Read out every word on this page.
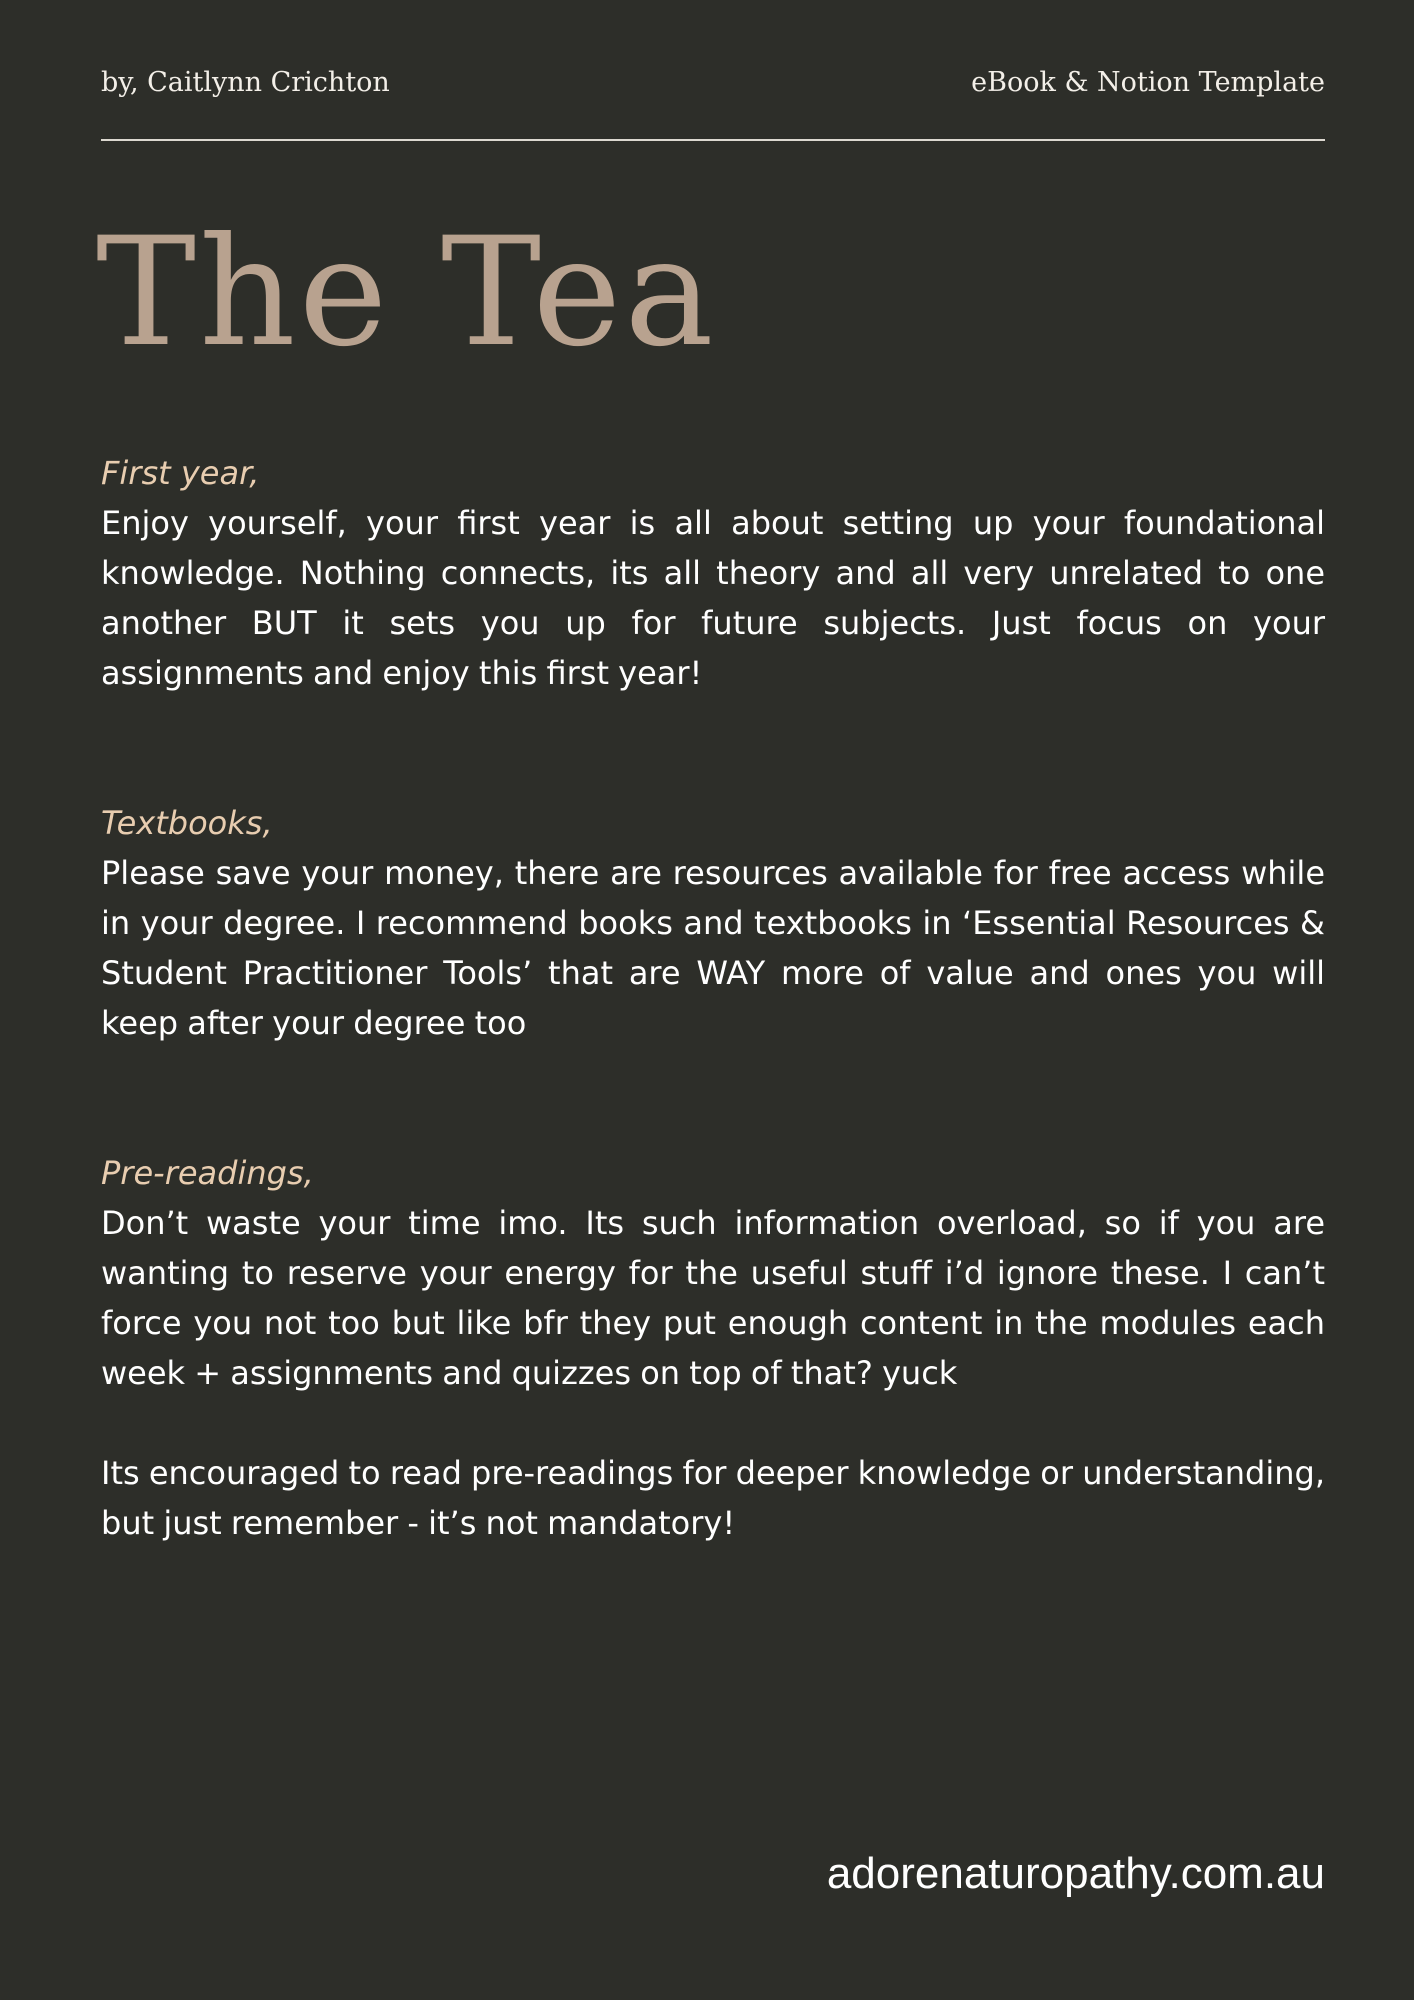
by, Caitlynn Crichton	eBook & Notion Template
The Tea

First year,

Enjoy yourself, your first year is all about setting up your foundational knowledge. Nothing connects, its all theory and all very unrelated to one another BUT it sets you up for future subjects. Just focus on your assignments and enjoy this first year!

Textbooks,

Please save your money, there are resources available for free access while in your degree. I recommend books and textbooks in ‘Essential Resources & Student Practitioner Tools’ that are WAY more of value and ones you will keep after your degree too

Pre-readings,

Don’t waste your time imo. Its such information overload, so if you are wanting to reserve your energy for the useful stuff i’d ignore these. I can’t force you not too but like bfr they put enough content in the modules each week + assignments and quizzes on top of that? yuck

Its encouraged to read pre-readings for deeper knowledge or understanding, but just remember - it’s not mandatory!

adorenaturopathy.com.au
